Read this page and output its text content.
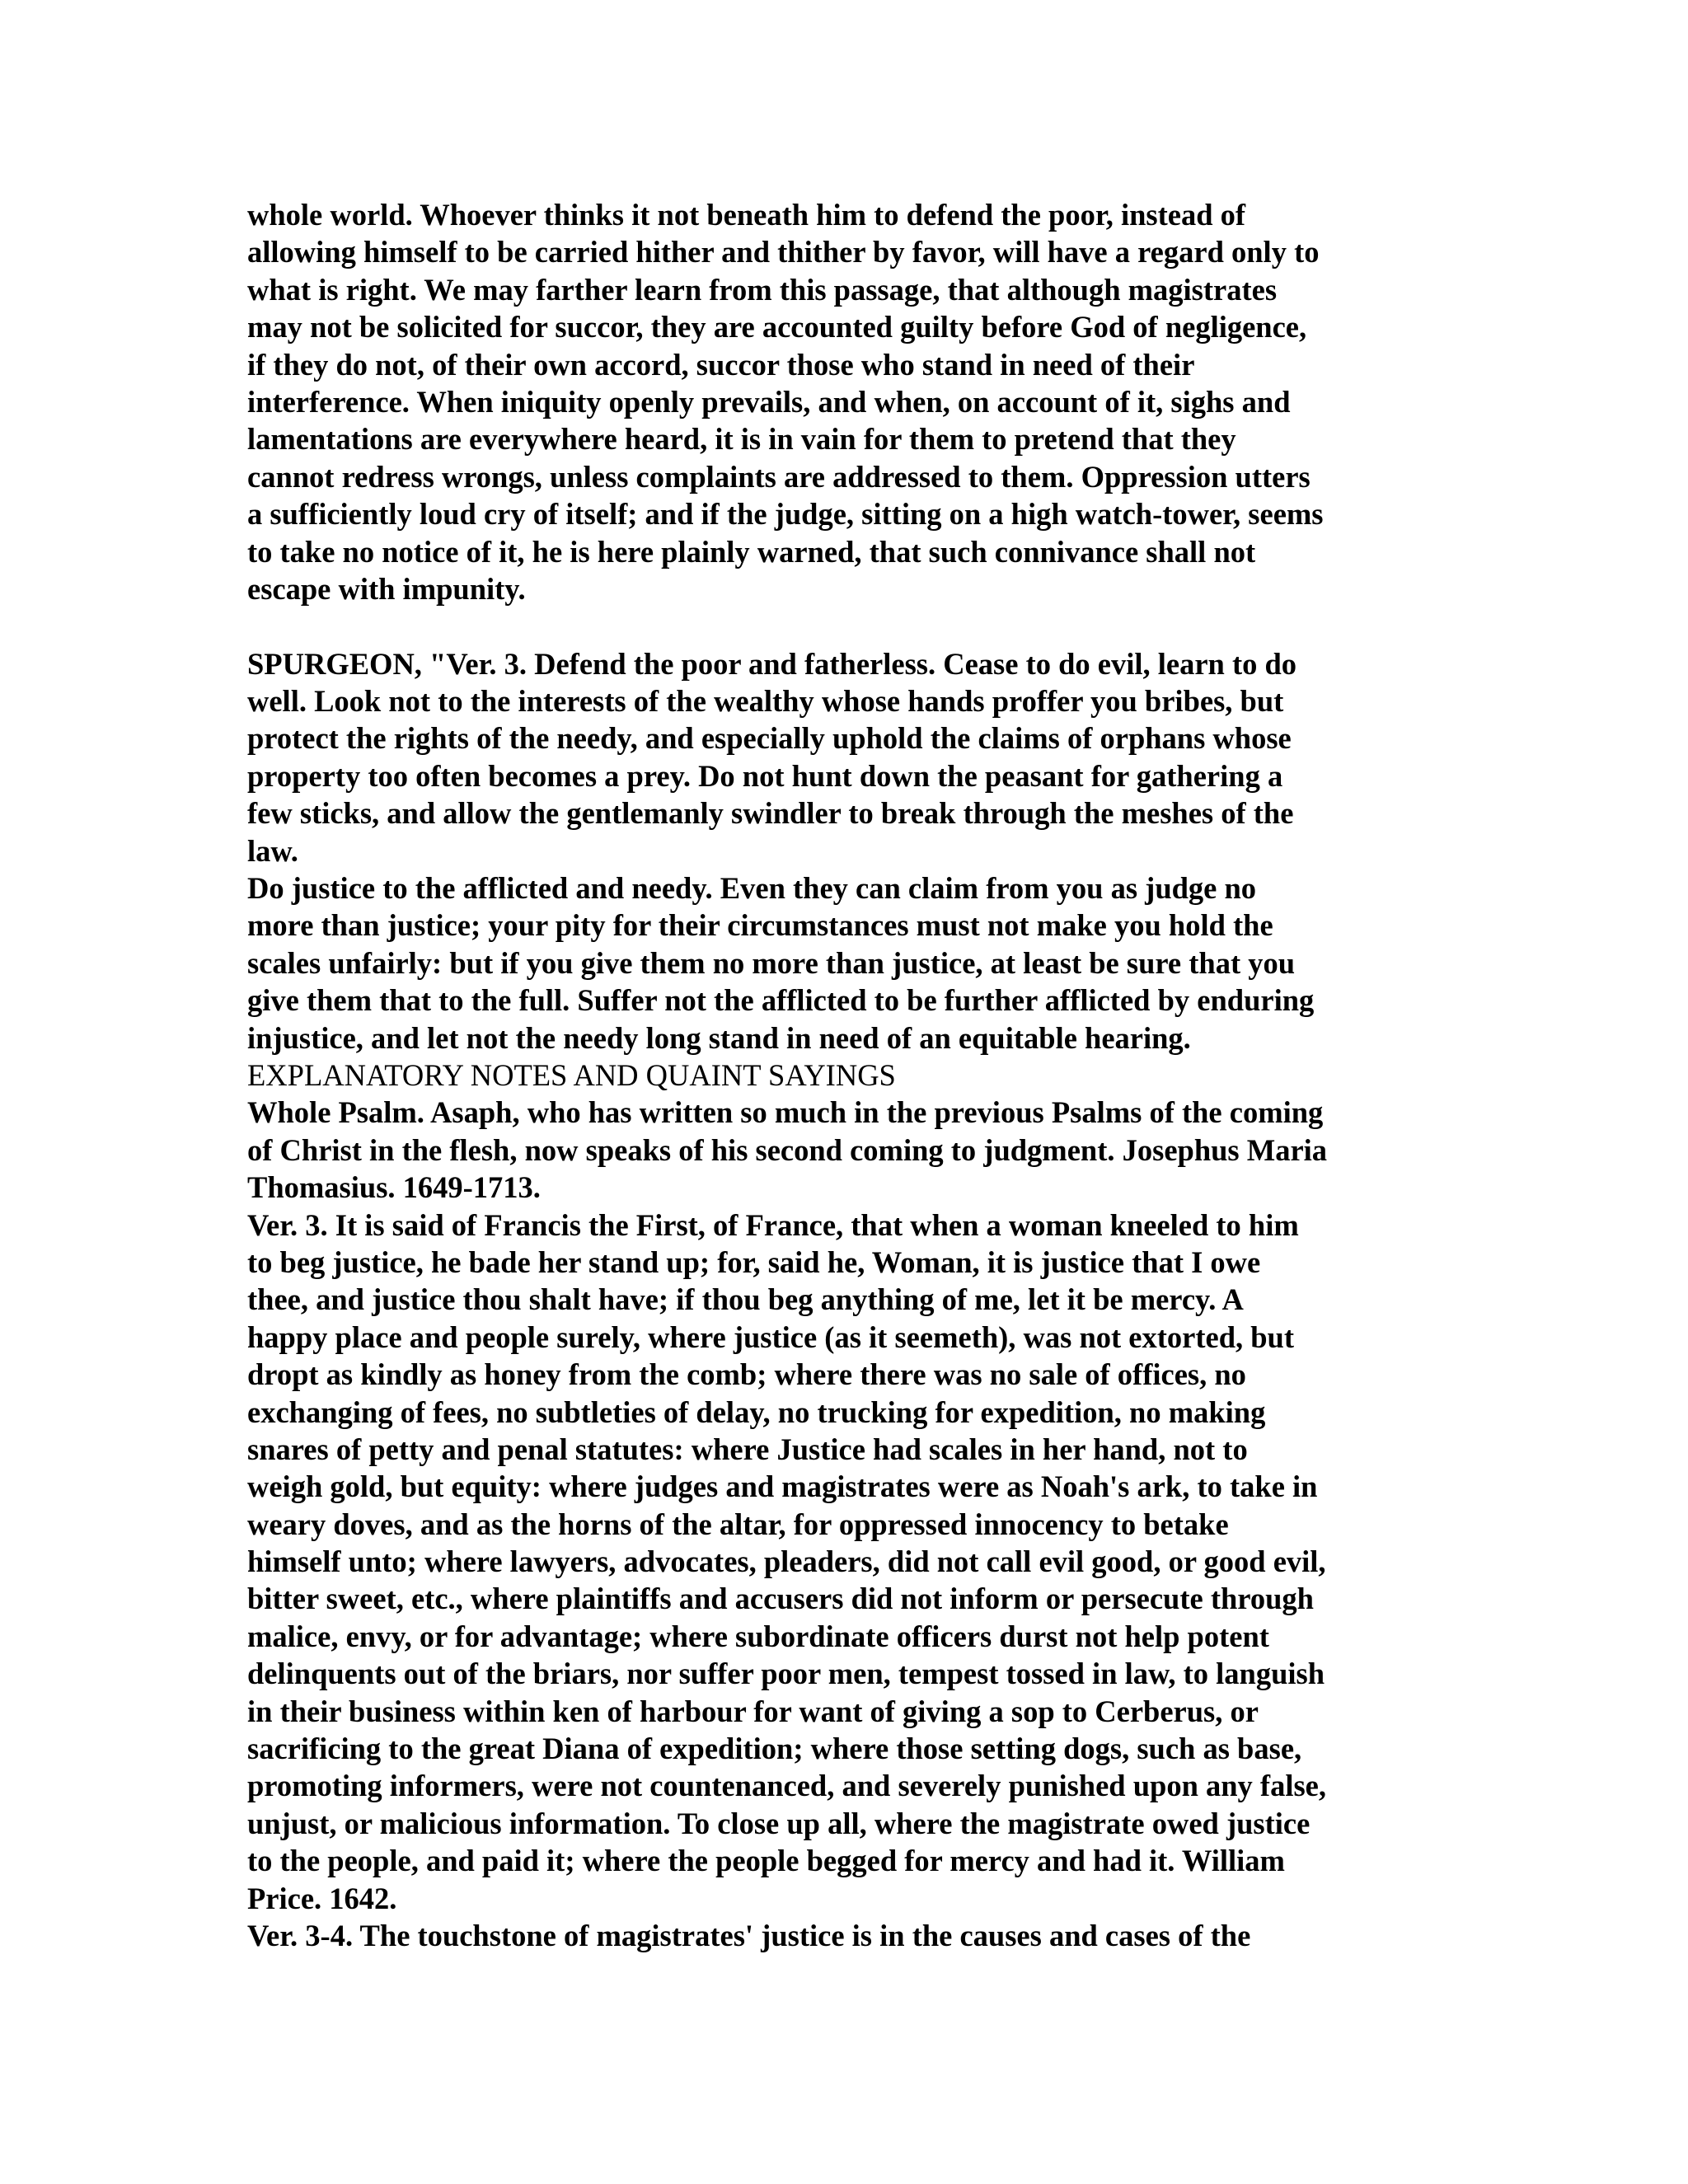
whole world. Whoever thinks it not beneath him to defend the poor, instead of
allowing himself to be carried hither and thither by favor, will have a regard only to
what is right. We may farther learn from this passage, that although magistrates
may not be solicited for succor, they are accounted guilty before God of negligence,
if they do not, of their own accord, succor those who stand in need of their
interference. When iniquity openly prevails, and when, on account of it, sighs and
lamentations are everywhere heard, it is in vain for them to pretend that they
cannot redress wrongs, unless complaints are addressed to them. Oppression utters
a sufficiently loud cry of itself; and if the judge, sitting on a high watch-tower, seems
to take no notice of it, he is here plainly warned, that such connivance shall not
escape with impunity.
SPURGEON, "Ver. 3. Defend the poor and fatherless. Cease to do evil, learn to do
well. Look not to the interests of the wealthy whose hands proffer you bribes, but
protect the rights of the needy, and especially uphold the claims of orphans whose
property too often becomes a prey. Do not hunt down the peasant for gathering a
few sticks, and allow the gentlemanly swindler to break through the meshes of the
law.
Do justice to the afflicted and needy. Even they can claim from you as judge no
more than justice; your pity for their circumstances must not make you hold the
scales unfairly: but if you give them no more than justice, at least be sure that you
give them that to the full. Suffer not the afflicted to be further afflicted by enduring
injustice, and let not the needy long stand in need of an equitable hearing.
EXPLANATORY NOTES AND QUAINT SAYINGS
Whole Psalm. Asaph, who has written so much in the previous Psalms of the coming
of Christ in the flesh, now speaks of his second coming to judgment. Josephus Maria
Thomasius. 1649-1713.
Ver. 3. It is said of Francis the First, of France, that when a woman kneeled to him
to beg justice, he bade her stand up; for, said he, Woman, it is justice that I owe
thee, and justice thou shalt have; if thou beg anything of me, let it be mercy. A
happy place and people surely, where justice (as it seemeth), was not extorted, but
dropt as kindly as honey from the comb; where there was no sale of offices, no
exchanging of fees, no subtleties of delay, no trucking for expedition, no making
snares of petty and penal statutes: where Justice had scales in her hand, not to
weigh gold, but equity: where judges and magistrates were as Noah's ark, to take in
weary doves, and as the horns of the altar, for oppressed innocency to betake
himself unto; where lawyers, advocates, pleaders, did not call evil good, or good evil,
bitter sweet, etc., where plaintiffs and accusers did not inform or persecute through
malice, envy, or for advantage; where subordinate officers durst not help potent
delinquents out of the briars, nor suffer poor men, tempest tossed in law, to languish
in their business within ken of harbour for want of giving a sop to Cerberus, or
sacrificing to the great Diana of expedition; where those setting dogs, such as base,
promoting informers, were not countenanced, and severely punished upon any false,
unjust, or malicious information. To close up all, where the magistrate owed justice
to the people, and paid it; where the people begged for mercy and had it. William
Price. 1642.
Ver. 3-4. The touchstone of magistrates' justice is in the causes and cases of the
